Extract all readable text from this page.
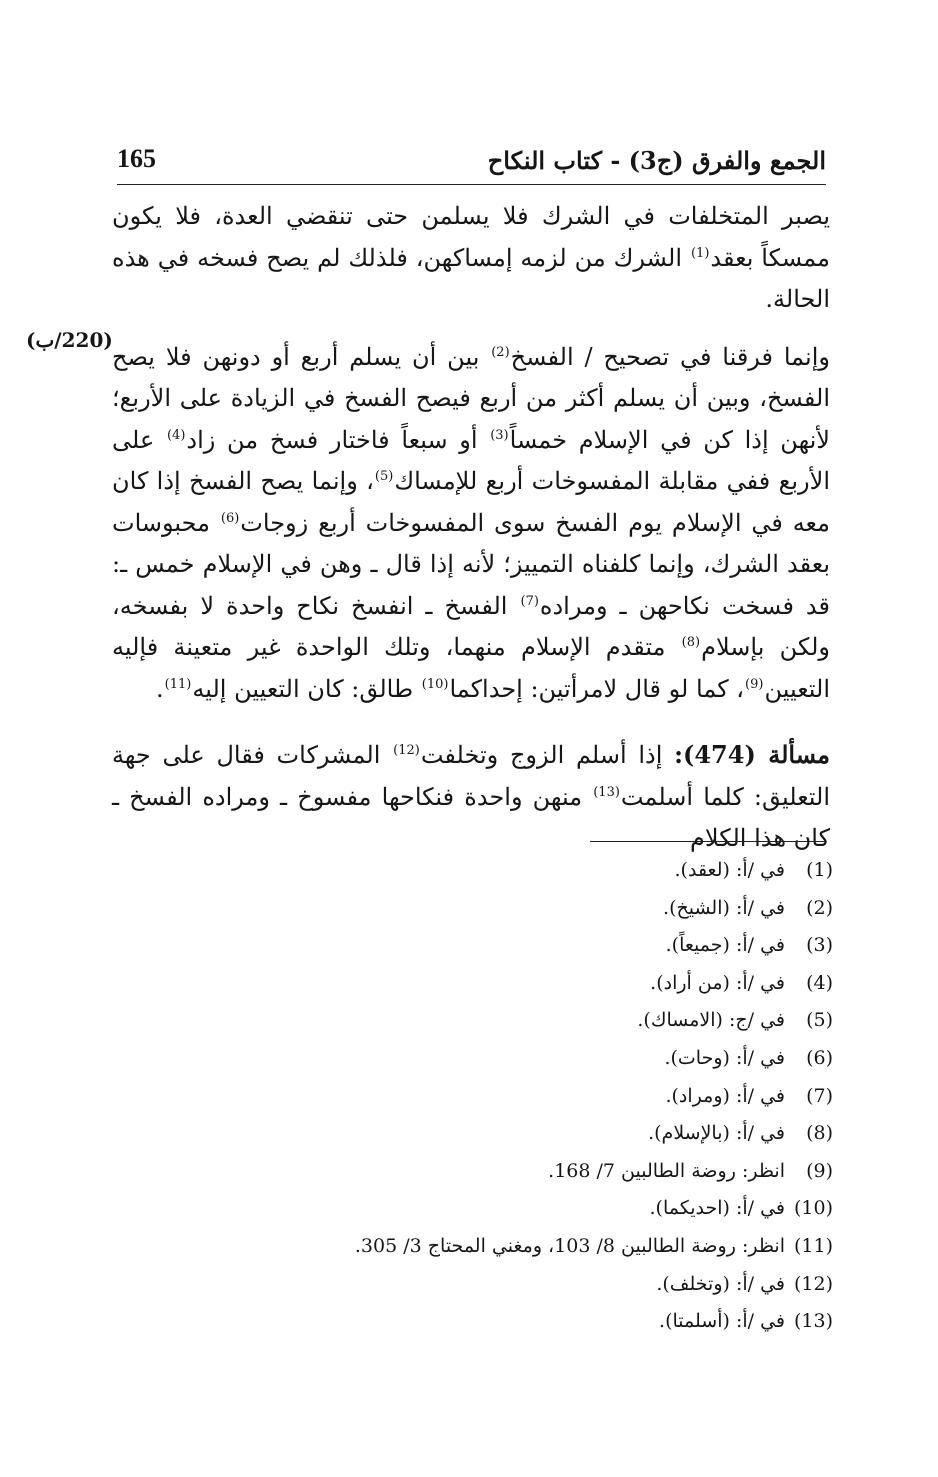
الجمع والفرق (ج3) - كتاب النكاح
165
(220/ب)

يصبر المتخلفات في الشرك فلا يسلمن حتى تنقضي العدة، فلا يكون ممسكاً بعقد$^{(1)}$ الشرك من لزمه إمساكهن، فلذلك لم يصح فسخه في هذه الحالة.

وإنما فرقنا في تصحيح / الفسخ$^{(2)}$ بين أن يسلم أربع أو دونهن فلا يصح الفسخ، وبين أن يسلم أكثر من أربع فيصح الفسخ في الزيادة على الأربع؛ لأنهن إذا كن في الإسلام خمساً$^{(3)}$ أو سبعاً فاختار فسخ من زاد$^{(4)}$ على الأربع ففي مقابلة المفسوخات أربع للإمساك$^{(5)}$، وإنما يصح الفسخ إذا كان معه في الإسلام يوم الفسخ سوى المفسوخات أربع زوجات$^{(6)}$ محبوسات بعقد الشرك، وإنما كلفناه التمييز؛ لأنه إذا قال ـ وهن في الإسلام خمس ـ: قد فسخت نكاحهن ـ ومراده$^{(7)}$ الفسخ ـ انفسخ نكاح واحدة لا بفسخه، ولكن بإسلام$^{(8)}$ متقدم الإسلام منهما، وتلك الواحدة غير متعينة فإليه التعيين$^{(9)}$، كما لو قال لامرأتين: إحداكما$^{(10)}$ طالق: كان التعيين إليه$^{(11)}$.

مسألة (474): إذا أسلم الزوج وتخلفت$^{(12)}$ المشركات فقال على جهة التعليق: كلما أسلمت$^{(13)}$ منهن واحدة فنكاحها مفسوخ ـ ومراده الفسخ ـ كان هذا الكلام

(1)في /أ: (لعقد).
(2)في /أ: (الشيخ).
(3)في /أ: (جميعاً).
(4)في /أ: (من أراد).
(5)في /ج: (الامساك).
(6)في /أ: (وحات).
(7)في /أ: (ومراد).
(8)في /أ: (بالإسلام).
(9)انظر: روضة الطالبين 7/ 168.
(10)في /أ: (احديكما).
(11)انظر: روضة الطالبين 8/ 103، ومغني المحتاج 3/ 305.
(12)في /أ: (وتخلف).
(13)في /أ: (أسلمتا).
